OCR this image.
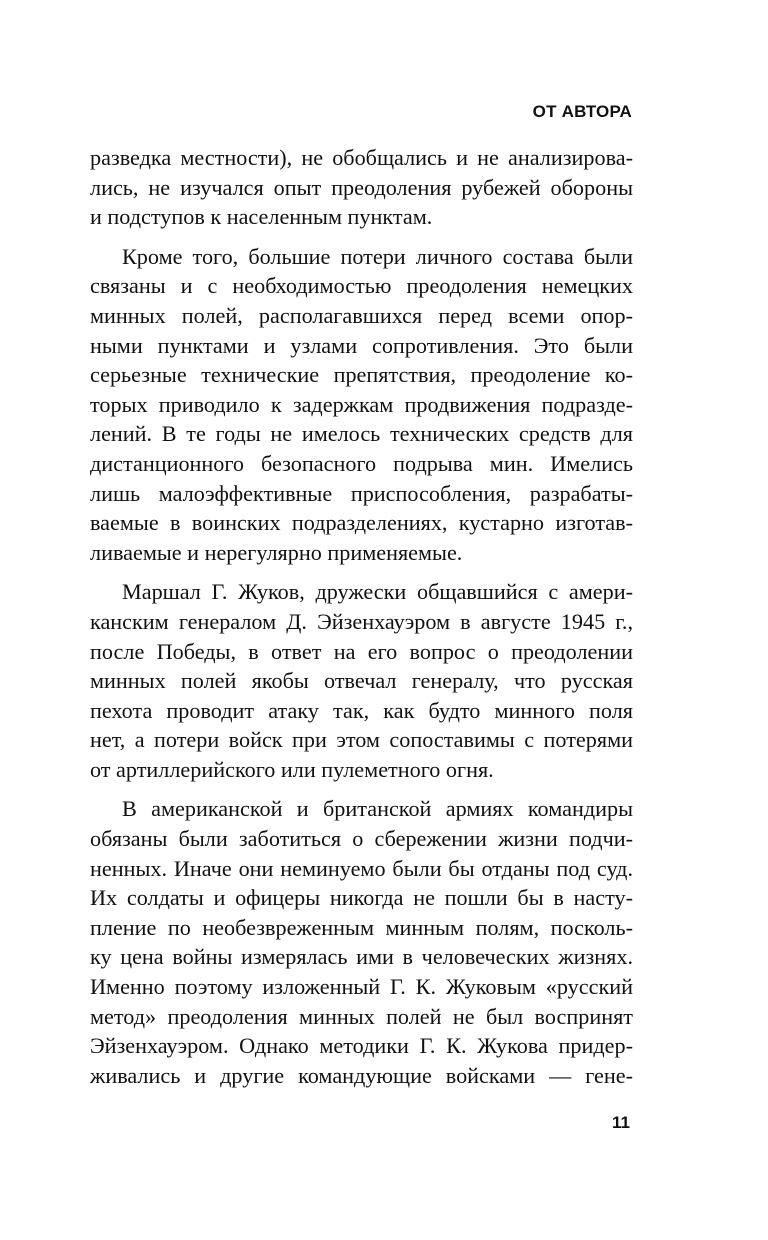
ОТ АВТОРА
разведка местности), не обобщались и не анализирова-
лись, не изучался опыт преодоления рубежей обороны
и подступов к населенным пунктам.
Кроме того, большие потери личного состава были
связаны и с необходимостью преодоления немецких
минных полей, располагавшихся перед всеми опор-
ными пунктами и узлами сопротивления. Это были
серьезные технические препятствия, преодоление ко-
торых приводило к задержкам продвижения подразде-
лений. В те годы не имелось технических средств для
дистанционного безопасного подрыва мин. Имелись
лишь малоэффективные приспособления, разрабаты-
ваемые в воинских подразделениях, кустарно изготав-
ливаемые и нерегулярно применяемые.
Маршал Г. Жуков, дружески общавшийся с амери-
канским генералом Д. Эйзенхауэром в августе 1945 г.,
после Победы, в ответ на его вопрос о преодолении
минных полей якобы отвечал генералу, что русская
пехота проводит атаку так, как будто минного поля
нет, а потери войск при этом сопоставимы с потерями
от артиллерийского или пулеметного огня.
В американской и британской армиях командиры
обязаны были заботиться о сбережении жизни подчи-
ненных. Иначе они неминуемо были бы отданы под суд.
Их солдаты и офицеры никогда не пошли бы в насту-
пление по необезвреженным минным полям, посколь-
ку цена войны измерялась ими в человеческих жизнях.
Именно поэтому изложенный Г. К. Жуковым «русский
метод» преодоления минных полей не был воспринят
Эйзенхауэром. Однако методики Г. К. Жукова придер-
живались и другие командующие войсками — гене-
11
